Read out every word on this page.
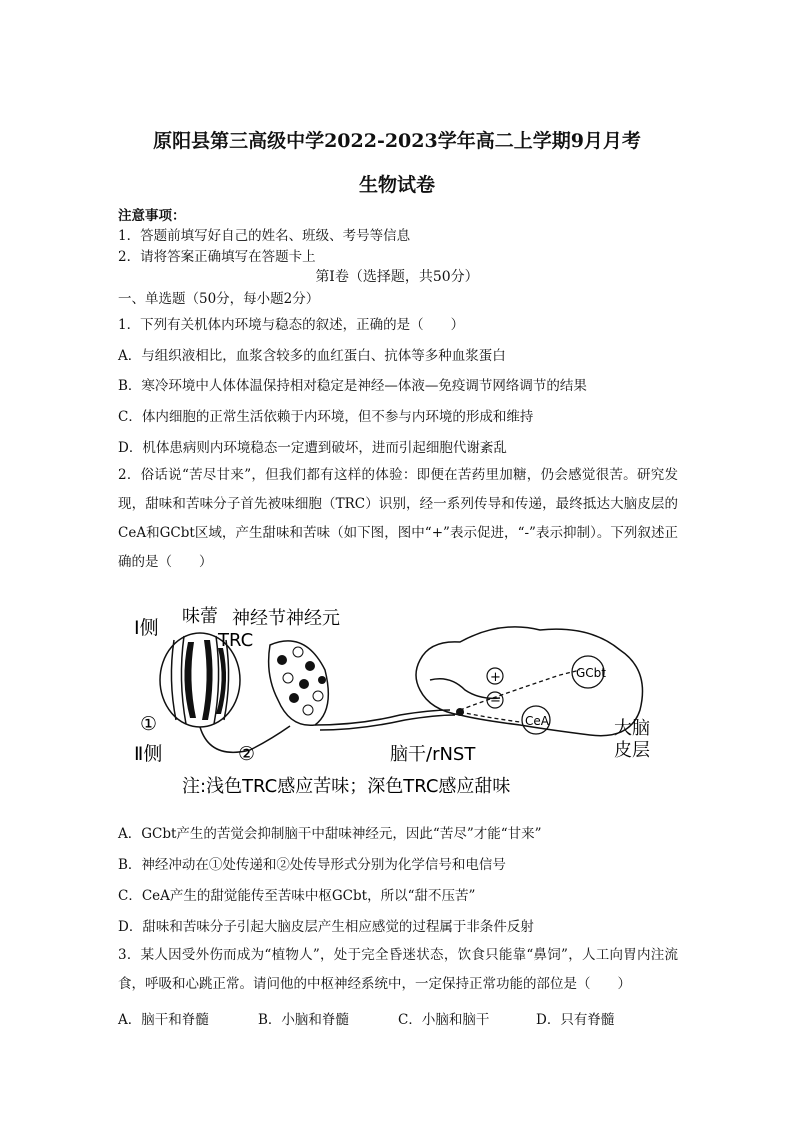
原阳县第三高级中学2022-2023学年高二上学期9月月考
生物试卷
注意事项：
1．答题前填写好自己的姓名、班级、考号等信息
2．请将答案正确填写在答题卡上
第Ⅰ卷（选择题，共50分）
一、单选题（50分，每小题2分）
1．下列有关机体内环境与稳态的叙述，正确的是（　　）
A．与组织液相比，血浆含较多的血红蛋白、抗体等多种血浆蛋白
B．寒冷环境中人体体温保持相对稳定是神经—体液—免疫调节网络调节的结果
C．体内细胞的正常生活依赖于内环境，但不参与内环境的形成和维持
D．机体患病则内环境稳态一定遭到破坏，进而引起细胞代谢紊乱
2．俗话说“苦尽甘来”，但我们都有这样的体验：即便在苦药里加糖，仍会感觉很苦。研究发现，甜味和苦味分子首先被味细胞（TRC）识别，经一系列传导和传递，最终抵达大脑皮层的CeA和GCbt区域，产生甜味和苦味（如下图，图中“+”表示促进，“-”表示抑制）。下列叙述正确的是（　　）
Ⅰ侧
味蕾 神经节神经元
TRC
①
Ⅱ侧	②	脑干/rNST
大脑
皮层
GCbt
CeA
+
−
注:浅色TRC感应苦味；深色TRC感应甜味
A．GCbt产生的苦觉会抑制脑干中甜味神经元，因此“苦尽”才能“甘来”
B．神经冲动在①处传递和②处传导形式分别为化学信号和电信号
C．CeA产生的甜觉能传至苦味中枢GCbt，所以“甜不压苦”
D．甜味和苦味分子引起大脑皮层产生相应感觉的过程属于非条件反射
3．某人因受外伤而成为“植物人”，处于完全昏迷状态，饮食只能靠“鼻饲”，人工向胃内注流食，呼吸和心跳正常。请问他的中枢神经系统中，一定保持正常功能的部位是（　　）
A．脑干和脊髓	B．小脑和脊髓	C．小脑和脑干	D．只有脊髓
